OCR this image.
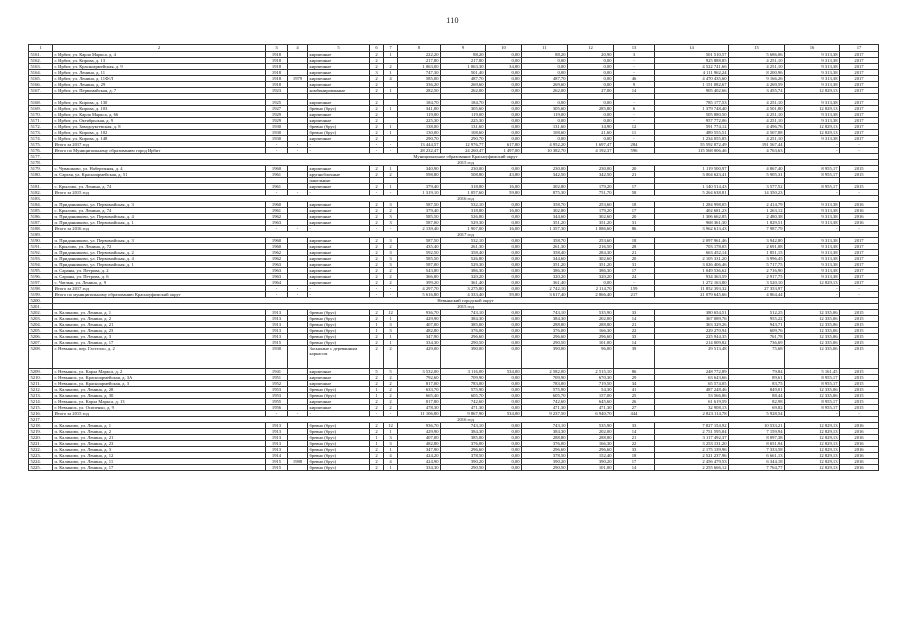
110
1	2	3	4	5	6	7	8	9	10	11	12	13	14	15	16	17
5161.	г. Ирбит, ул. Карла Маркса, д. 4	1918		кирпичные	2	1	222,20	88,20	0,00	88,20	20,90	3	501 510,57	5 686,06	9 313,38	2017
5162.	г. Ирбит, ул. Кирова, д. 13	1918		кирпичные	2		217,80	217,80	0,00	0,00	0,00	-	925 888,85	4 251,10	9 313,38	2017
5163.	г. Ирбит, ул. Красноармейская, д. 9	1918		кирпичные	2	2	1 063,00	1 063,30	34,80	0,00	0,00	-	4 522 741,66	4 251,10	9 313,38	2017
5164.	г. Ирбит, ул. Ленина, д. 11	1918		кирпичные	3	1	747,30	501,40	0,00	0,00	0,00	-	4 111 962,24	8 200,96	9 313,38	2017
5165.	г. Ирбит, ул. Ленина, д. 11Ф/Л	1918	1979	кирпичные	2	4	585,00	487,70	0,00	487,70	0,00	46	4 470 435,60	9 166,26	9 313,38	2017
5166.	г. Ирбит, ул. Ленина, д. 29	1918		кирпичные	2		336,20	269,60	0,00	269,60	0,00	9	1 151 082,67	4 269,59	9 313,38	2017
5167.	г. Ирбит, ул. Первомайская, д. 7	1923		комбинированные	2	1	282,50	262,00	0,00	262,00	27,00	14	905 402,66	3 455,74	12 829,13	2017

5168.	г. Ирбит, ул. Кирова, д. 130	1925		кирпичные	2		184,70	184,70	0,00	0,00	0,00	-	785 177,53	4 251,10	9 313,38	2017
5169.	г. Ирбит, ул. Кирова, д. 103	1927		бревно (брус)	2	1	341,00	305,60	0,00	305,60	285,80	6	1 379 748,40	4 501,80	12 829,13	2017
5170.	г. Ирбит, ул. Карла Маркса, д. 66	1929		кирпичные	2		119,00	119,00	0,00	119,00	0,00	-	505 880,50	4 251,10	9 313,38	2017
5171.	г. Ирбит, ул. Октябрьская, д. 9	1929		кирпичные	2		225,30	225,30	0,00	0,00	0,00	-	957 772,06	4 251,10	9 313,38	2017
5172.	г. Ирбит, ул. Заводоуктевская, д. 8	1930		бревно (брус)	2	1	138,00	131,60	0,00	131,60	14,90	12	591 774,12	4 496,76	12 829,13	2017
5173.	г. Ирбит, ул. Кирова, д. 102	1930		бревно (брус)	2	1	130,00	108,60	0,00	108,60	21,60	11	489 555,51	4 507,88	12 829,13	2017
5174.	г. Ирбит, ул. Кирова, д. 148	1930		кирпичные	2		290,70	290,70	0,00	0,00	0,00	-	1 234 055,85	4 251,10	9 313,38	2017
5175.	Итого за 2017 год	-	-	-	-	-	13 444,57	12 976,77	617,80	4 952,20	1 697,47	284	55 592 872,49	191 567,44	-	-
5176.	Итого по Муниципальному образованию город Ирбит	-	-	-	-	-	28 232,47	24 260,47	1 497,00	10 382,70	4 192,37	596	115 568 006,46	4 763,63	-	-
5177.	Муниципальное образование Красноуфимский округ															
5178.	2015 год															
5179.	с. Чувашково, ул. Набережная, д. 4	1960		кирпичные	2	1	340,90	230,00	0,00	230,00	230,00	20	1 119 500,97	4 867,40	8 955,17	2015
5180.	п. Саргая, ул. Красноармейская, д. 51	1961		крупноблочные	2	2	598,80	508,80	43,80	342,50	342,50	21	3 004 623,41	5 905,31	8 955,17	2015
				панельные												
5181.	с. Крылово, ул. Ленина, д. 74	1961		кирпичные	2	1	379,40	318,80	16,00	302,80	179,20	17	1 140 514,43	3 577,52	8 955,17	2015
5182.	Итого за 2015 год	-	-	-	-	-	1 319,10	1 057,60	59,80	875,30	751,70	58	5 264 638,81	14 350,23	-	-
5183.	2016 год															
5184.	п. Приданниково, ул. Первомайская, д. 3	1960		кирпичные	2	3	587,50	532,10	0,00	358,70	253,60	18	1 284 998,05	2 414,79	9 313,38	2016
5185.	с. Крылово, ул. Ленина, д. 74	1961		кирпичные	2	2	379,40	318,80	16,00	302,80	179,20	17	402 681,23	1 263,12	9 313,38	2016
5186.	п. Приданниково, ул. Первомайская, д. 4	1962		кирпичные	2	3	585,50	526,80	0,00	344,60	302,60	20	1 306 662,85	2 480,38	9 313,38	2016
5187.	п. Приданниково, ул. Первомайская, д. 1	1963		кирпичные	2	3	587,00	529,30	0,00	351,20	351,20	31	968 361,30	1 829,51	9 313,38	2016
5188.	Итого за 2016 год	-	-	-	-	-	2 139,40	1 907,00	16,00	1 357,30	1 086,60	86	3 962 613,43	7 987,79	-	-
5189.	2017 год															
5190.	п. Приданниково, ул. Первомайская, д. 3	1960		кирпичные	2	3	587,50	532,10	0,00	358,70	253,60	18	2 097 961,46	3 942,80	9 313,38	2017
5191.	с. Крылово, ул. Ленина, д. 72	1960		кирпичные	2	2	435,40	261,30	0,00	261,30	216,50	28	703 178,05	2 691,08	9 313,38	2017
5192.	п. Приданниково, ул. Первомайская, д. 2	1962		кирпичные	2	3	592,50	358,40	0,00	358,40	284,30	21	663 452,14	1 851,15	9 313,38	2017
5193.	п. Приданниково, ул. Первомайская, д. 4	1962		кирпичные	2	3	585,50	526,80	0,00	344,60	302,60	20	2 105 331,20	3 996,45	9 313,38	2017
5194.	п. Приданниково, ул. Первомайская, д. 1	1963		кирпичные	2	3	587,00	529,30	0,00	351,20	351,20	31	3 026 406,46	5 717,75	9 313,38	2017
5195.	п. Сараны, ул. Петрова, д. 2	1963		кирпичные	2	2	543,80	386,30	0,00	386,30	386,30	17	1 049 536,62	2 716,90	9 313,38	2017
5196.	п. Сараны, ул. Петрова, д. 6	1963		кирпичные	2	2	366,80	320,20	0,00	320,20	320,20	24	934 363,59	2 917,75	9 313,38	2017
5197.	с. Чатлык, ул. Ленина, д. 9	1964		кирпичные	2	2	399,20	361,40	0,00	361,40	0,00	-	1 272 163,80	3 520,10	12 829,13	2017
5198.	Итого за 2017 год	-	-	-	-	-	4 297,70	3 275,80	0,00	2 742,10	2 114,70	159	11 852 393,32	27 353,97	-	-
5199.	Итого по муниципальному образованию Красноуфимский округ	-	-	-	-	-	5 616,80	4 333,40	59,80	3 617,40	2 866,40	217	21 079 645,66	4 864,44	-	-
5200.	Невьянский городской округ															
5201.	2015 год															
5202.	п. Калиново, ул. Ленина, д. 1	1913		бревно (брус)	2	12	936,70	743,10	0,00	743,10	535,90	33	380 654,51	512,25	12 335,06	2015
5203.	п. Калиново, ул. Ленина, д. 2	1913		бревно (брус)	2	1	429,90	384,30	0,00	384,30	202,00	14	367 089,76	955,22	12 335,06	2015
5204.	п. Калиново, ул. Ленина, д. 21	1913		бревно (брус)	1	3	407,00	385,00	0,00	288,80	288,80	21	363 329,26	943,71	12 335,06	2015
5205.	п. Калиново, ул. Ленина, д. 23	1913		бревно (брус)	1	3	482,80	376,00	0,00	376,00	166,30	22	229 270,94	609,76	12 335,06	2015
5206.	п. Калиново, ул. Ленина, д. 3	1913		бревно (брус)	2	1	347,90	296,60	0,00	296,60	296,60	33	225 944,35	761,78	12 335,06	2015
5207.	п. Калиново, ул. Ленина, д. 17	1915		бревно (брус)	2	1	334,30	290,50	0,00	290,50	101,00	14	214 009,82	736,69	12 335,06	2015
5208.	г. Невьянск, пер. Гастелло, д. 2	1930		Засыпные с деревянным каркасом	2	2	429,00	390,00	0,00	390,00	96,00	39	29 513,48	75,68	12 335,06	2015
5209.	г. Невьянск, ул. Карла Маркса, д. 2	1941		кирпичные	5	5	3 532,00	3 116,00	534,00	2 582,00	2 515,10	86	248 772,89	79,84	5 161,45	2015
5210.	г. Невьянск, ул. Красноармейская, д. 3А	1951		кирпичные	2	2	792,60	709,90	0,00	709,90	670,30	29	63 643,66	89,61	8 955,17	2015
5211.	г. Невьянск, ул. Красноармейская, д. 3	1952		кирпичные	2	2	817,00	783,00	0,00	783,00	719,50	34	65 574,05	83,75	8 955,17	2015
5212.	п. Калиново, ул. Ленина, д. 28	1953		бревно (брус)	1	2	633,70	575,90	0,00	575,90	54,30	41	487 248,46	849,01	12 335,06	2015
5213.	п. Калиново, ул. Ленина, д. 30	1953		бревно (брус)	1	2	665,40	605,70	0,00	605,70	157,00	25	53 566,86	88,44	12 335,06	2015
5214.	г. Невьянск, ул. Карла Маркса, д. 13	1955		кирпичные	2	2	817,80	742,60	0,00	742,60	645,60	26	61 619,59	82,98	8 955,17	2015
5215.	г. Невьянск, ул. Осипенко, д. 9	1956		кирпичные	2	2	478,30	471,30	0,00	471,30	471,30	27	32 908,13	69,82	8 955,17	2015
5216.	Итого за 2015 год	-	-	-	-	-	11 106,80	9 867,90	534,00	9 237,50	6 940,70	444	2 823 114,78	5 928,54	-	-
5217.	2016 год															
5218.	п. Калиново, ул. Ленина, д. 1	1913		бревно (брус)	2	12	936,70	743,10	0,00	743,10	535,90	33	7 827 154,92	10 533,21	12 829,13	2016
5219.	п. Калиново, ул. Ленина, д. 2	1913		бревно (брус)	2	1	429,90	384,30	0,00	384,30	202,00	14	2 751 595,04	7 159,94	12 829,13	2016
5220.	п. Калиново, ул. Ленина, д. 21	1913		бревно (брус)	1	3	407,00	385,00	0,00	288,80	288,80	21	3 117 492,37	8 097,38	12 829,13	2016
5221.	п. Калиново, ул. Ленина, д. 23	1913		бревно (брус)	1	3	482,80	376,00	0,00	376,00	166,30	22	3 253 131,20	8 651,94	12 829,13	2016
5222.	п. Калиново, ул. Ленина, д. 3	1913		бревно (брус)	2	1	347,90	296,60	0,00	296,60	296,60	33	2 175 139,96	7 333,58	12 829,13	2016
5223.	п. Калиново, ул. Ленина, д. 12	1914		бревно (брус)	2	4	424,20	378,50	0,00	378,50	152,40	18	2 521 237,96	6 661,13	12 829,13	2016
5224.	п. Калиново, ул. Ленина, д. 11	1915	1988	бревно (брус)	2	4	424,90	390,20	0,00	390,20	390,20	17	2 456 479,53	6 344,18	12 829,13	2016
5225.	п. Калиново, ул. Ленина, д. 17	1915		бревно (брус)	2	1	334,30	290,50	0,00	290,50	101,00	14	2 255 666,12	7 764,77	12 829,13	2016
